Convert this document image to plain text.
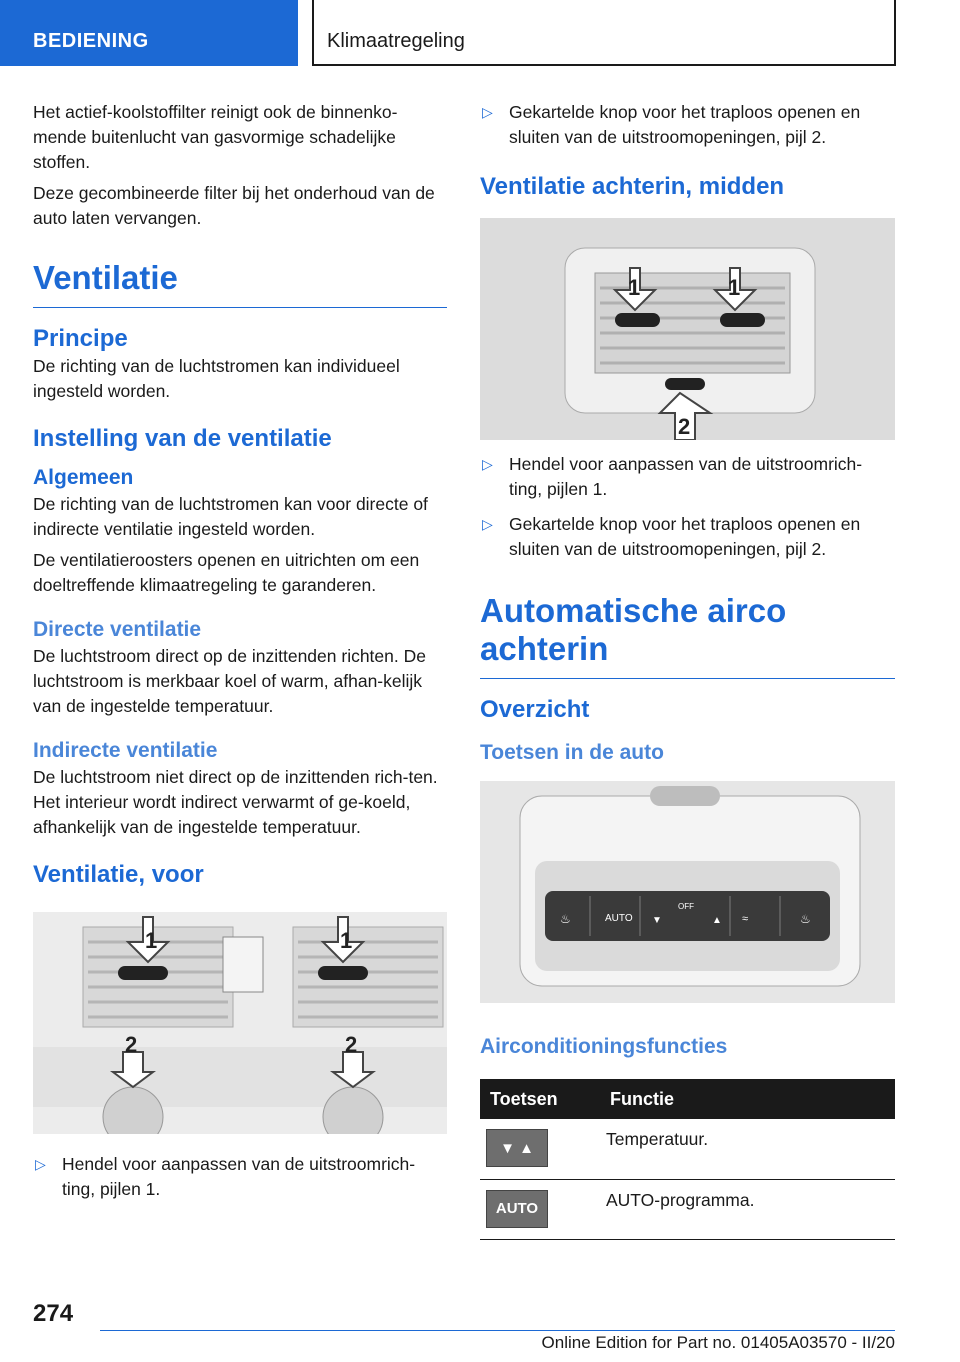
BEDIENING	Klimaatregeling

Het actief-koolstoffilter reinigt ook de binnenko-mende buitenlucht van gasvormige schadelijke stoffen.

Deze gecombineerde filter bij het onderhoud van de auto laten vervangen.

Ventilatie
Principe

De richting van de luchtstromen kan individueel ingesteld worden.

Instelling van de ventilatie
Algemeen

De richting van de luchtstromen kan voor directe of indirecte ventilatie ingesteld worden.

De ventilatieroosters openen en uitrichten om een doeltreffende klimaatregeling te garanderen.

Directe ventilatie

De luchtstroom direct op de inzittenden richten. De luchtstroom is merkbaar koel of warm, afhan-kelijk van de ingestelde temperatuur.

Indirecte ventilatie

De luchtstroom niet direct op de inzittenden rich-ten. Het interieur wordt indirect verwarmt of ge-koeld, afhankelijk van de ingestelde temperatuur.

Ventilatie, voor
1	1
2	2
▷ Hendel voor aanpassen van de uitstroomrich-ting, pijlen 1.
▷ Gekartelde knop voor het traploos openen en sluiten van de uitstroomopeningen, pijl 2.
Ventilatie achterin, midden
1	1
2
▷ Hendel voor aanpassen van de uitstroomrich-ting, pijlen 1.
▷ Gekartelde knop voor het traploos openen en sluiten van de uitstroomopeningen, pijl 2.
Automatische airco achterin
Overzicht
Toetsen in de auto
AUTO
OFF
▼	▲
♨	♨
≈
Airconditioningsfuncties
Toetsen	Functie

▼ ▲	Temperatuur.

AUTO	AUTO-programma.
274
Online Edition for Part no. 01405A03570 - II/20
